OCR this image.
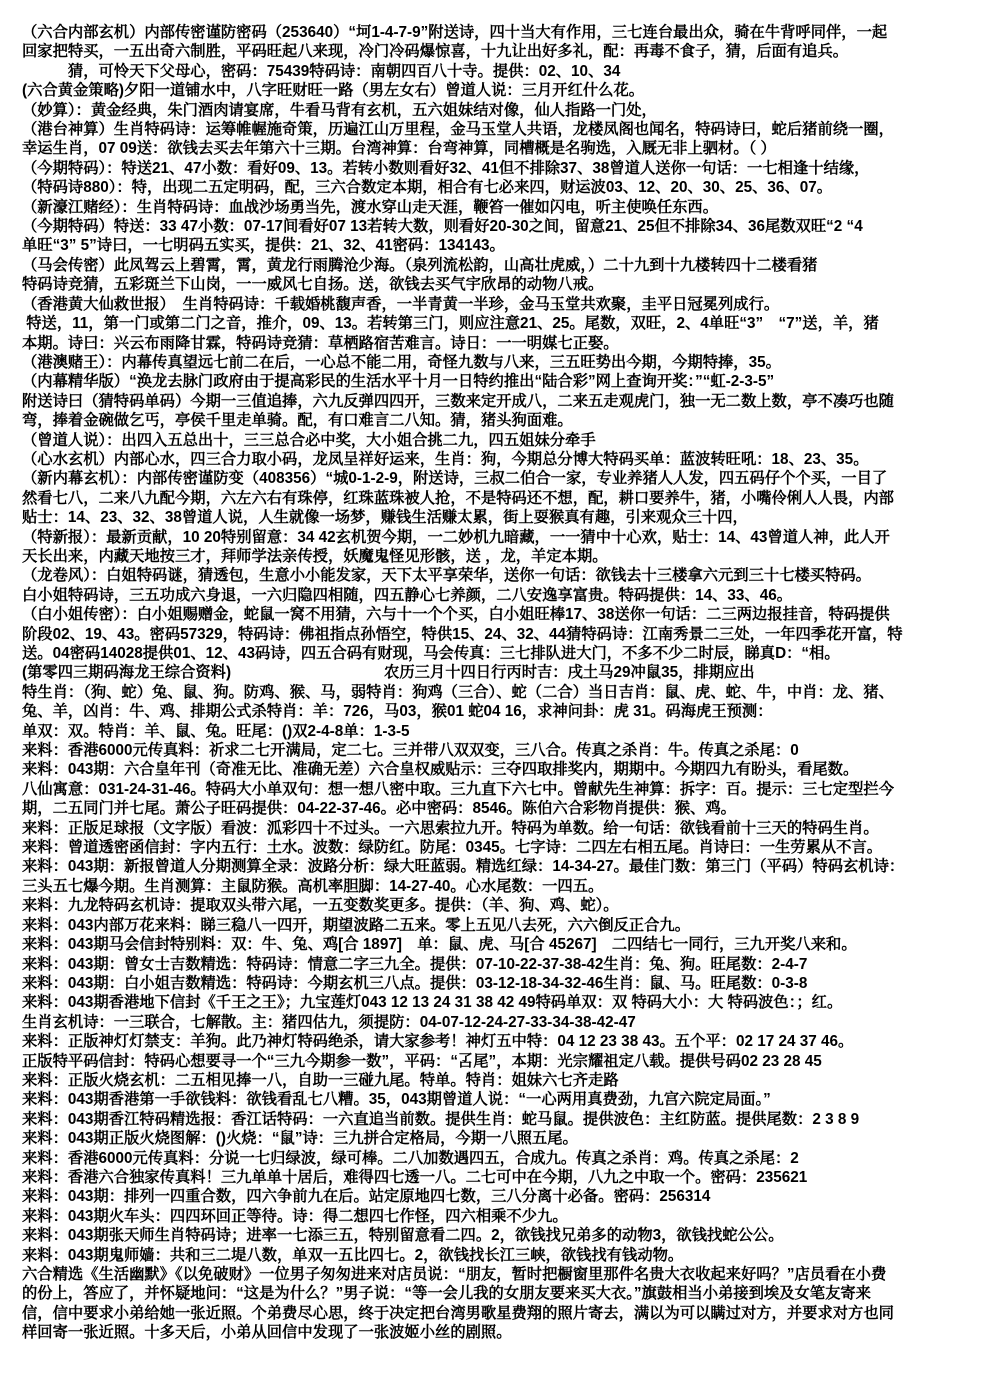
（六合内部玄机）内部传密谨防密码（253640）“坷1-4-7-9”附送诗，四十当大有作用，三七连台最出众，骑在牛背呼同伴，一起
回家把特买，一五出奇六制胜，平码旺起八来现，冷门冷码爆惊喜，十九让出好多礼，配：再毒不食子，猜，后面有追兵。
　　　猜，可怜天下父母心，密码：75439特码诗：南朝四百八十寺。提供：02、10、34
(六合黄金策略)夕阳一道铺水中，八字旺财旺一路（男左女右）曾道人说：三月开红什么花。
（妙算）：黄金经典，朱门酒肉请宴席，牛看马背有玄机，五六姐妹结对像，仙人指路一门处，
（港台神算）生肖特码诗：运筹帷幄施奇策，历遍江山万里程，金马玉堂人共语，龙楼凤阁也闻名，特码诗曰，蛇后猪前绕一圈，
幸运生肖，07 09送：欲钱去买去年第六十三期。台湾神算：台弯神算，同槽概是名驹选，入厩无非上驷材。（ ）
（今期特码）：特送21、47小数：看好09、13。若转小数则看好32、41但不排除37、38曾道人送你一句话：一七相逢十结缘，
（特码诗880）：特，出现二五定明码，配，三六合数定本期，相合有七必来四，财运波03、12、20、30、25、36、07。
（新濠江赌经）：生肖特码诗：血战沙场勇当先，渡水穿山走天涯，鞭笞一催如闪电，听主使唤任东西。
（今期特码）特送：33 47小数：07-17间看好07 13若转大数，则看好20-30之间，留意21、25但不排除34、36尾数双旺“2 “4
单旺“3” 5”诗曰，一七明码五实买，提供：21、32、41密码：134143。
（马会传密）此凤驾云上碧霄，霄，黄龙行雨腾沧少海。（泉列流松韵，山高壮虎威，）二十九到十九楼转四十二楼看猪
特码诗竞猜，五彩斑兰下山岗，一一威风七自扬。送，欲钱去买气宇欣昂的动物八戒。
（香港黄大仙救世报）　生肖特码诗：千载婚桃馥声香，一半青黄一半珍，金马玉堂共欢聚，圭平日冠冕列成行。
特送，11，第一门或第二门之音，推介，09、13。若转第三门，则应注意21、25。尾数，双旺，2、4单旺“3”　“7”送，羊，猪
本期。诗曰：兴云布雨降甘霖，特码诗竞猜：草栖路宿苦难言。诗日：一一明媒七正娶。
（港澳赌王）：内幕传真望远七前二在后，一心总不能二用，奇怪九数与八来，三五旺势出今期，今期特捧，35。
（内幕精华版）“涣龙去脉门政府由于提高彩民的生活水平十月一日特约推出“陆合彩”网上查询开奖：”“虹-2-3-5”
附送诗曰（猜特码单码）今期一三值追捧，六九反弹四四开，三数来定开成八，二来五走观虎门，独一无二数上数，亭不凑巧也随
弯，捧着金碗做乞丐，亭侯千里走单骑。配，有口难言二八知。猜，猪头狗面难。
（曾道人说）：出四入五总出十，三三总合必中奖，大小姐合挑二九，四五姐妹分牵手
（心水玄机）内部心水，四三合力取小码，龙凤呈祥好运来，生肖：狗，今期总分博大特码买单：蓝波转旺吼：18、23、35。
（新内幕玄机）：内部传密谨防变（408356）“城0-1-2-9，附送诗，三叔二伯合一家，专业养猪人人发，四五码仔个个买，一目了
然看七八，二来八九配今期，六左六右有珠停，红珠蓝珠被人抢，不是特码还不想，配，耕口要养牛，猪，小嘴伶俐人人畏，内部
贴士：14、23、32、38曾道人说，人生就像一场梦，赚钱生活赚太累，街上耍猴真有趣，引来观众三十四，
（特新报）：最新贡献，10 20特别留意：34 42玄机贺今期，一二妙机九暗藏，一一猜中十心欢，贴士：14、43曾道人神，此人开
天长出来，内藏天地按三才，拜师学法亲传授，妖魔鬼怪见形骸，送 ，龙，羊定本期。
（龙卷风）：白姐特码谜，猜透包，生意小小能发家，天下太平享荣华，送你一句话：欲钱去十三楼拿六元到三十七楼买特码。
白小姐特码诗，三五功成六身退，一六归隐四相随，四五静心七养颜，二八安逸享富贵。特码提供：14、33、46。
（白小姐传密）：白小姐赐赠金，蛇鼠一窝不用猜，六与十一个个买，白小姐旺棒17、38送你一句话：二三两边报挂音，特码提供
阶段02、19、43。密码57329，特码诗：佛祖指点孙悟空，特供15、24、32、44猜特码诗：江南秀景二三处，一年四季花开富，特
送。04密码14028提供01、12、43码诗，四五合码有财现，马会传真：三七排队进大门，不多不少二时辰，睇真D：“相。
(第零四三期码海龙王综合资料)　　　　　　　　　　农历三月十四日行丙时吉：戌土马29冲鼠35，排期应出
特生肖：（狗、蛇）兔、鼠、狗。防鸡、猴、马，弱特肖：狗鸡（三合）、蛇（二合）当日吉肖：鼠、虎、蛇、牛，中肖：龙、猪、
兔、羊，凶肖：牛、鸡、排期公式杀特肖：羊：726，马03，猴01 蛇04 16，求神问卦：虎 31。码海虎王预测：
单双：双。特肖：羊、鼠、兔。旺尾：()双2-4-8单：1-3-5
来料：香港6000元传真料：祈求二七开满局，定二七。三并带八双双变，三八合。传真之杀肖：牛。传真之杀尾：0
来料：043期：六合皇年刊（奇准无比、准确无差）六合皇权威贴示：三夺四取排奖内，期期中。今期四九有盼头，看尾数。
八仙寓意：031-24-31-46。特码大小单双句：想一想八密中取。三九直下六七中。曾献先生神算：拆字：百。提示：三七定型拦今
期，二五同门并七尾。萧公子旺码提供：04-22-37-46。必中密码：8546。陈伯六合彩物肖提供：猴、鸡。
来料：正版足球报（文字版）看波：泒彩四十不过头。一六思索拉九开。特码为单数。给一句话：欲钱看前十三天的特码生肖。
来料：曾道透密函信封：字内五行：土水。波数：绿防红。防尾：0345。七字诗：二四左右相五尾。肖诗曰：一生劳累从不言。
来料：043期：新报曾道人分期测算全录：波路分析：绿大旺蓝弱。精选红绿：14-34-27。最佳门数：第三门（平码）特码玄机诗：
三头五七爆今期。生肖测算：主鼠防猴。高机率胆脚：14-27-40。心水尾数：一四五。
来料：九龙特码玄机诗：提取双头带六尾，一五变数奖更多。提供：（羊、狗、鸡、蛇）。
来料：043内部万花来料：睇三稳八一四开，期望波路二五来。零上五见八去死，六六倒反正合九。
来料：043期马会信封特别料：双：牛、兔、鸡[合 1897]　单：鼠、虎、马[合 45267]　二四结七一同行，三九开奖八来和。
来料：043期：曾女士吉数精选：特码诗：情意二字三九全。提供：07-10-22-37-38-42生肖：兔、狗。旺尾数：2-4-7
来料：043期：白小姐吉数精选：特码诗：今期玄机三八点。提供：03-12-18-34-32-46生肖：鼠、马。旺尾数：0-3-8
来料：043期香港地下信封《千王之王》；九宝莲灯043 12 13 24 31 38 42 49特码单双：双 特码大小：大 特码波色：；红。
生肖玄机诗：一三联合，七解散。主：猪四估九，须提防：04-07-12-24-27-33-34-38-42-47
来料：正版神灯灯禁支：羊狗。此乃神灯特码绝杀，请大家参考！神灯五中特：04 12 23 38 43。五个平：02 17 24 37 46。
正版特平码信封：特码心想要寻一个“三九今期参一数”，平码：“叾尾”，本期：光宗耀祖定八载。提供号码02 23 28 45
来料：正版火烧玄机：二五相见捧一八，自助一三碰九尾。特单。特肖：姐妹六七齐走路
来料：043期香港第一手欲钱料：欲钱看乱七八糟。35，043期曾道人说：“一心两用真费劲，九宫六院定局面。”
来料：043期香江特码精选报：香江话特码：一六直追当前数。提供生肖：蛇马鼠。提供波色：主红防蓝。提供尾数：2 3 8 9
来料：043期正版火烧图解：()火烧：“鼠”诗：三九拼合定格局，今期一八照五尾。
来料：香港6000元传真料：分说一七归绿波，绿可棒。二八加数遇四五，合成九。传真之杀肖：鸡。传真之杀尾：2
来料：香港六合独家传真料！三九单单十居后，难得四七透一八。二七可中在今期，八九之中取一个。密码：235621
来料：043期：排列一四重合数，四六争前九在后。站定原地四七数，三八分离十必备。密码：256314
来料：043期火车头：四四环回正等待。诗：得二想四七作怪，四六相乘不少九。
来料：043期张天师生肖特码诗；进率一七添三五，特别留意看二四。2，欲钱找兄弟多的动物3，欲钱找蛇公公。
来料：043期鬼师嫱：共和三二堤八数，单双一五比四七。2，欲钱找长江三峡，欲钱找有钱动物。
六合精选《生活幽默》《以免破财》一位男子匆匆进来对店员说：“朋友，暂时把橱窗里那件名贵大衣收起来好吗？”店员看在小费
的份上，答应了，并怀疑地问：“这是为什么？”男子说：“等一会儿我的女朋友要来买大衣。”旗鼓相当小弟接到埃及女笔友寄来
信，信中要求小弟给她一张近照。个弟费尽心思，终于决定把台湾男歌星费翔的照片寄去，满以为可以瞒过对方，并要求对方也同
样回寄一张近照。十多天后，小弟从回信中发现了一张波姬小丝的剧照。
